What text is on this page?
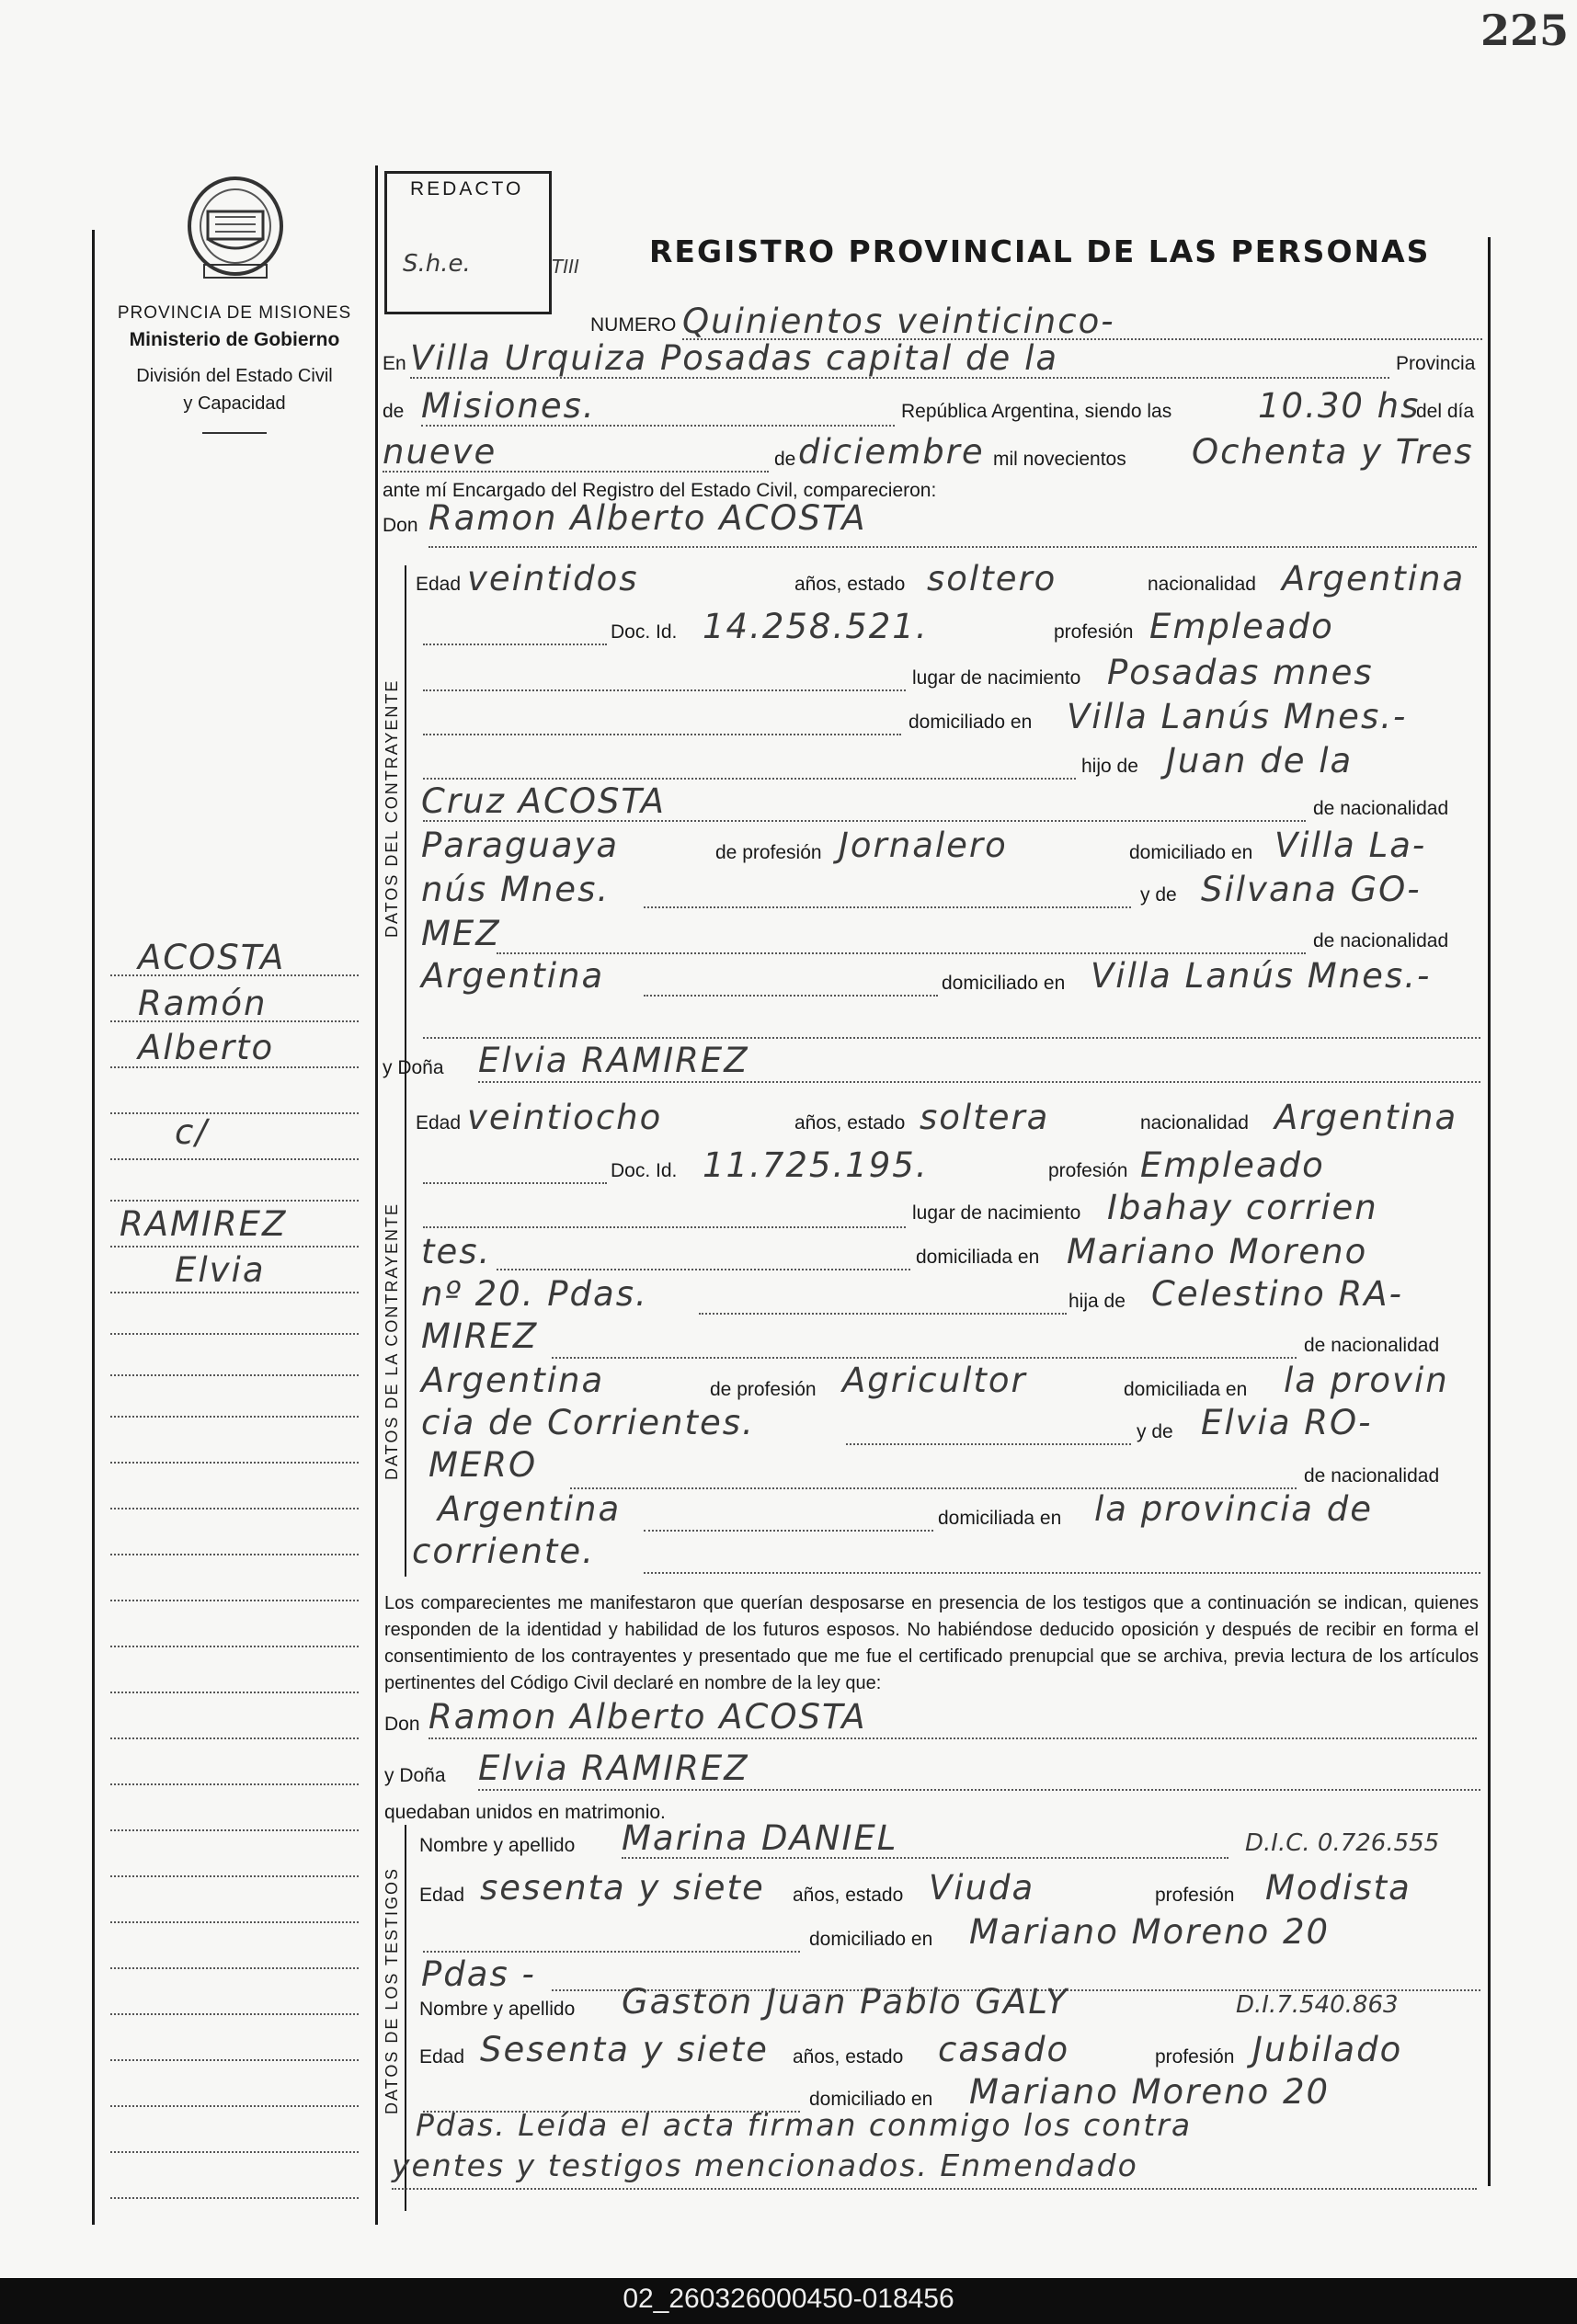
225
PROVINCIA DE MISIONES
Ministerio de Gobierno
División del Estado Civil
y Capacidad
REDACTO
S.h.e.	TIII REGISTRO PROVINCIAL DE LAS PERSONAS
ACOSTA
Ramón
Alberto
c/
RAMIREZ
Elvia
NUMERO Quinientos veinticinco-
En Villa Urquiza Posadas capital de la	Provincia
de Misiones.	República Argentina, siendo las	10.30 hs
del día
nueve	de diciembre mil novecientos Ochenta y Tres
ante mí Encargado del Registro del Estado Civil, comparecieron:
Don Ramon Alberto ACOSTA
DATOS DEL CONTRAYENTE
Edad veintidos	años, estado soltero	nacionalidad Argentina
Doc. Id. 14.258.521.	profesión Empleado
lugar de nacimiento Posadas mnes
domiciliado en Villa Lanús Mnes.-
hijo de Juan de la
Cruz ACOSTA	de nacionalidad
Paraguaya	de profesión Jornalero	domiciliado en Villa La-
nús Mnes.	y de Silvana GO-
MEZ	de nacionalidad
Argentina	domiciliado en Villa Lanús Mnes.-
y Doña Elvia RAMIREZ
DATOS DE LA CONTRAYENTE
Edad veintiocho	años, estado soltera	nacionalidad Argentina
Doc. Id. 11.725.195.	profesión Empleado
lugar de nacimiento Ibahay corrien
tes.	domiciliada en Mariano Moreno
nº 20. Pdas.	hija de Celestino RA-
MIREZ	de nacionalidad
Argentina	de profesión Agricultor	domiciliada en la provin
cia de Corrientes.	y de Elvia RO-
MERO	de nacionalidad
Argentina	domiciliada en la provincia de
corriente.
Los comparecientes me manifestaron que querían desposarse en presencia de los testigos que a continuación se indican, quienes responden de la identidad y habilidad de los futuros esposos. No habiéndose deducido oposición y después de recibir en forma el consentimiento de los contrayentes y presentado que me fue el certificado prenupcial que se archiva, previa lectura de los artículos pertinentes del Código Civil declaré en nombre de la ley que:
Don Ramon Alberto ACOSTA
y Doña Elvia RAMIREZ
quedaban unidos en matrimonio.
DATOS DE LOS TESTIGOS
Nombre y apellido Marina DANIEL	D.I.C. 0.726.555
Edad sesenta y siete años, estado Viuda	profesión Modista
domiciliado en Mariano Moreno 20
Pdas -
Nombre y apellido Gaston Juan Pablo GALY	D.I.7.540.863
Edad Sesenta y siete años, estado casado	profesión Jubilado
domiciliado en Mariano Moreno 20
Pdas. Leída el acta firman conmigo los contra
yentes y testigos mencionados. Enmendado
02_260326000450-018456
